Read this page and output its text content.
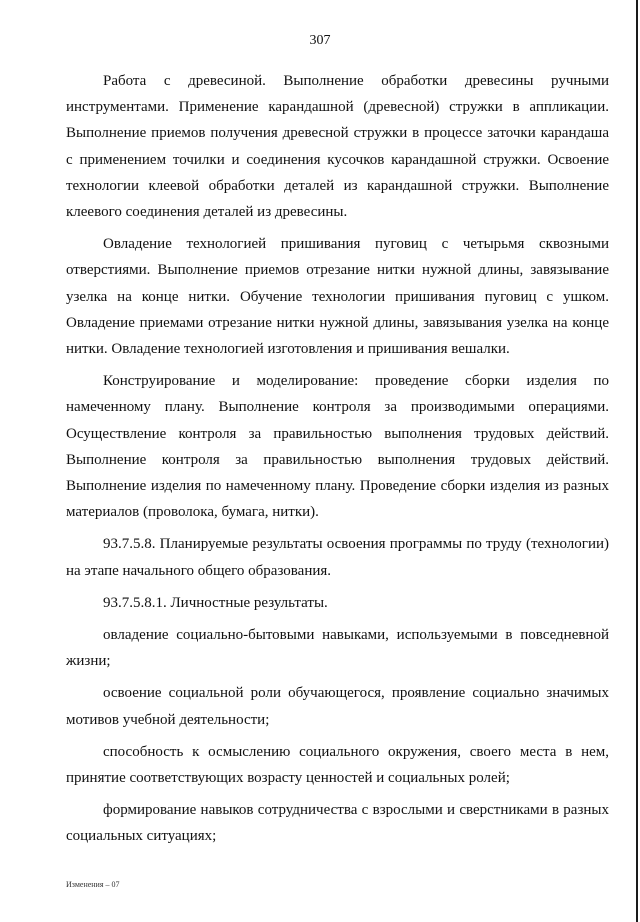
307

Работа с древесиной. Выполнение обработки древесины ручными инструментами. Применение карандашной (древесной) стружки в аппликации. Выполнение приемов получения древесной стружки в процессе заточки карандаша с применением точилки и соединения кусочков карандашной стружки. Освоение технологии клеевой обработки деталей из карандашной стружки. Выполнение клеевого соединения деталей из древесины.

Овладение технологией пришивания пуговиц с четырьмя сквозными отверстиями. Выполнение приемов отрезание нитки нужной длины, завязывание узелка на конце нитки. Обучение технологии пришивания пуговиц с ушком. Овладение приемами отрезание нитки нужной длины, завязывания узелка на конце нитки. Овладение технологией изготовления и пришивания вешалки.

Конструирование и моделирование: проведение сборки изделия по намеченному плану. Выполнение контроля за производимыми операциями. Осуществление контроля за правильностью выполнения трудовых действий. Выполнение контроля за правильностью выполнения трудовых действий. Выполнение изделия по намеченному плану. Проведение сборки изделия из разных материалов (проволока, бумага, нитки).

93.7.5.8. Планируемые результаты освоения программы по труду (технологии) на этапе начального общего образования.

93.7.5.8.1. Личностные результаты.

овладение социально-бытовыми навыками, используемыми в повседневной жизни;

освоение социальной роли обучающегося, проявление социально значимых мотивов учебной деятельности;

способность к осмыслению социального окружения, своего места в нем, принятие соответствующих возрасту ценностей и социальных ролей;

формирование навыков сотрудничества с взрослыми и сверстниками в разных социальных ситуациях;

Изменения – 07
